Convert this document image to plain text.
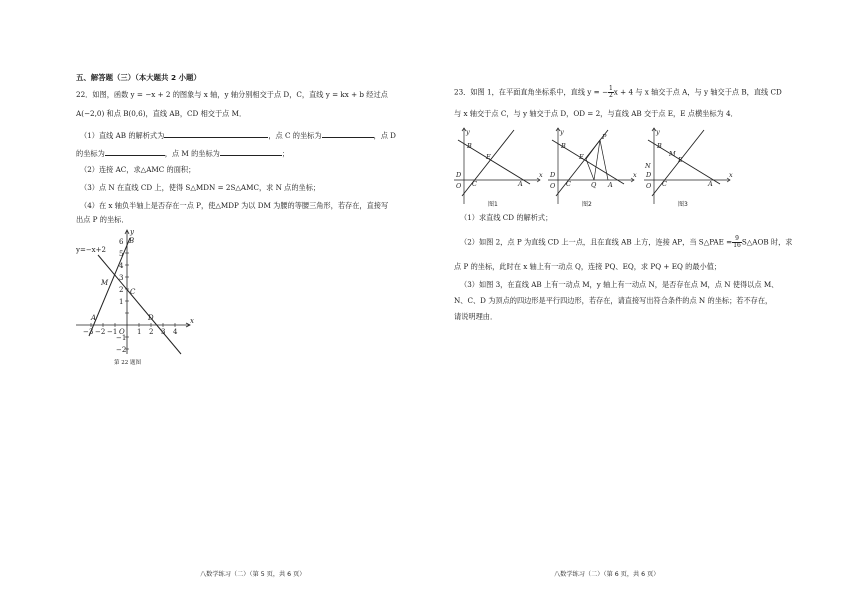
五、解答题（三）（本大题共 2 小题）
22．如图，函数 y = −x + 2 的图象与 x 轴，y 轴分别相交于点 D，C，直线 y = kx + b 经过点
A(−2,0) 和点 B(0,6)，直线 AB，CD 相交于点 M．
（1）直线 AB 的解析式为	，点 C 的坐标为	，点 D
的坐标为	，点 M 的坐标为	；
（2）连接 AC，求△AMC 的面积；
（3）点 N 在直线 CD 上，使得 S△MDN = 2S△AMC，求 N 点的坐标；
（4）在 x 轴负半轴上是否存在一点 P，使△MDP 为以 DM 为腰的等腰三角形，若存在，直接写
出点 P 的坐标．
y=−x+2
x
y
−3 −2 −1 O 1 2 3 4
6
5
4
3
2
1
−1
−2
B
M
C
A	D
第 22 题图
八数学练习（二）（第 5 页，共 6 页）
23．如图 1，在平面直角坐标系中，直线 y = − $\frac{1}{2}$ x + 4 与 x 轴交于点 A，与 y 轴交于点 B，直线 CD
与 x 轴交于点 C，与 y 轴交于点 D，OD = 2，与直线 AB 交于点 E，E 点横坐标为 4．
y
x
O
B
E
C
D
A
图1
y
x
O
B
E
P
C
D
Q A
图2
y
x
O
B
M
E
N
C
D
A
图3
（1）求直线 CD 的解析式；
（2）如图 2，点 P 为直线 CD 上一点，且在直线 AB 上方，连接 AP，当 S△PAE = $\frac{9}{16}$ S△AOB 时，求
点 P 的坐标，此时在 x 轴上有一动点 Q，连接 PQ、EQ，求 PQ + EQ 的最小值；
（3）如图 3，在直线 AB 上有一动点 M，y 轴上有一动点 N，是否存在点 M，点 N 使得以点 M、
N、C、D 为顶点的四边形是平行四边形，若存在，请直接写出符合条件的点 N 的坐标；若不存在，
请说明理由．
八数学练习（二）（第 6 页，共 6 页）
